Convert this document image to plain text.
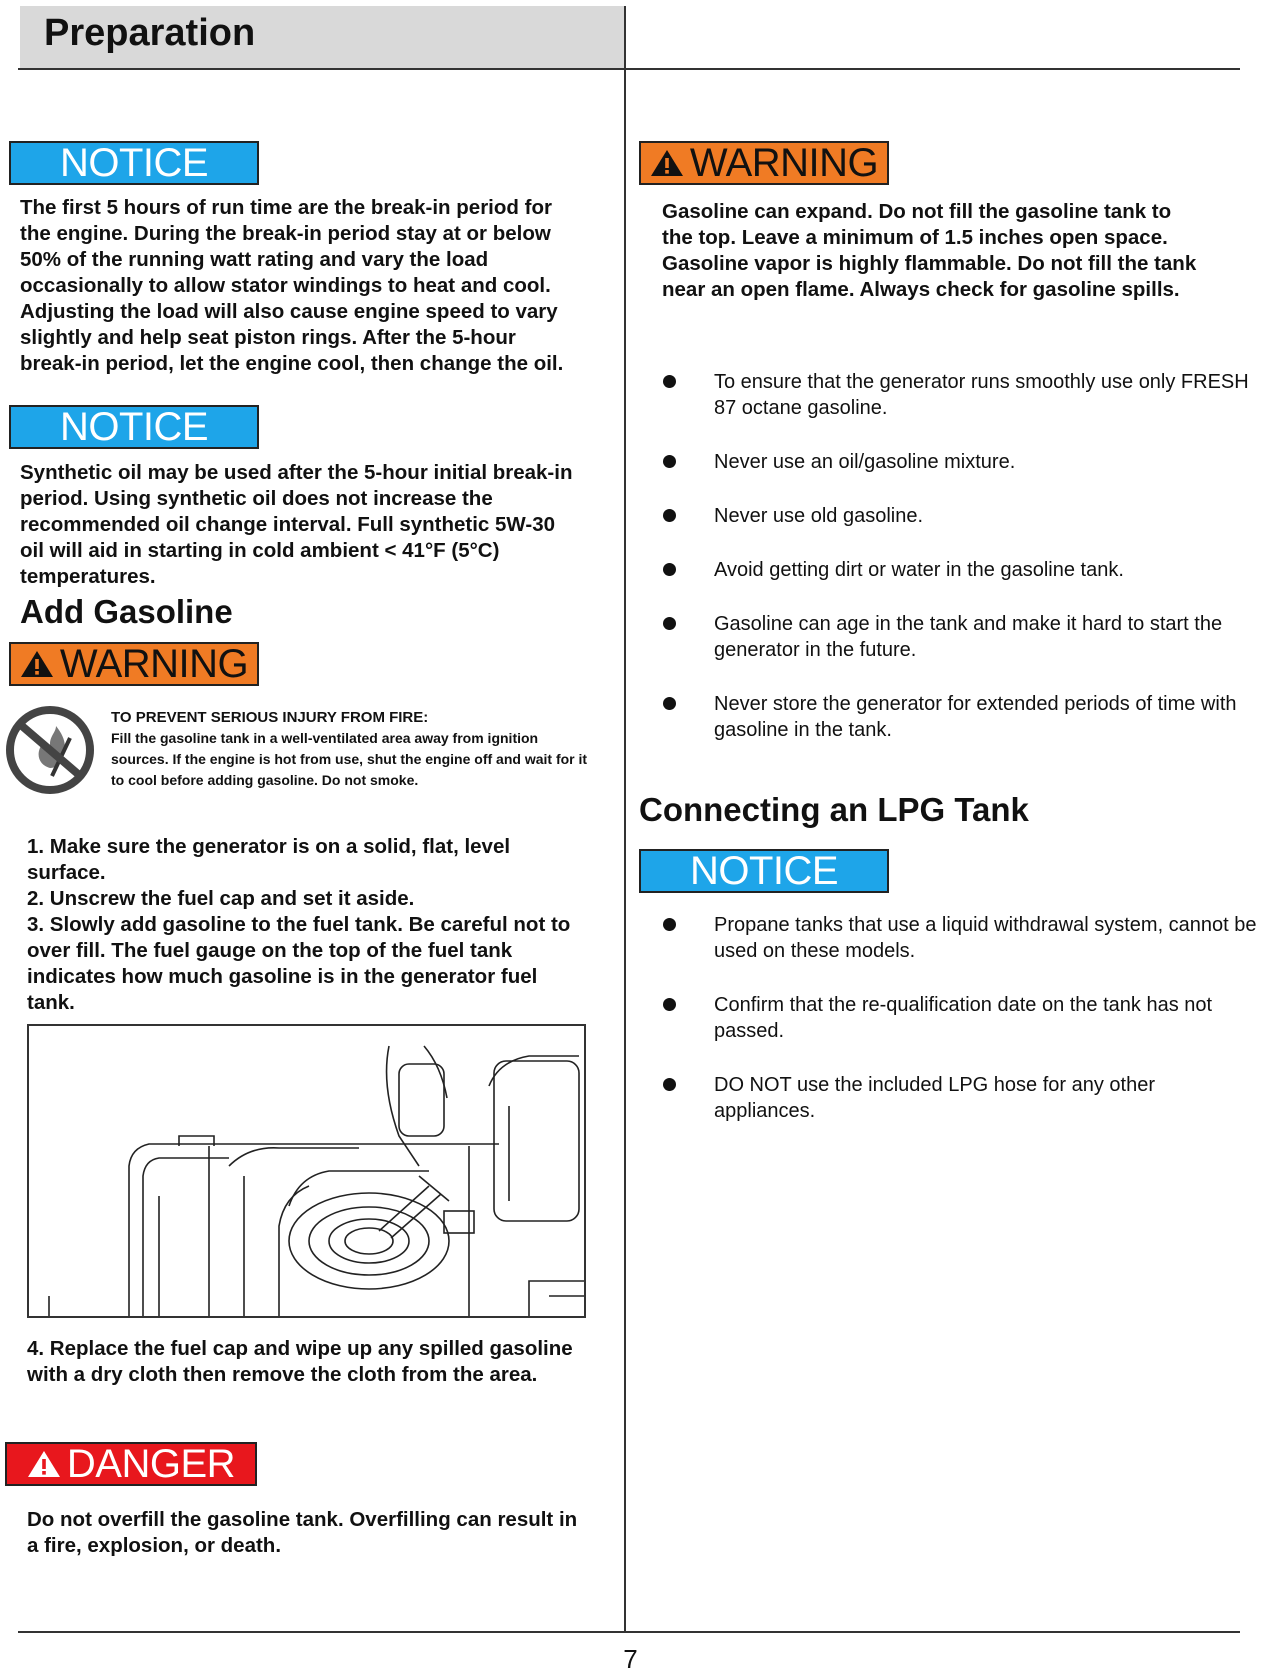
Preparation
NOTICE
The first 5 hours of run time are the break-in period for the engine. During the break-in period stay at or below 50% of the running watt rating and vary the load occasionally to allow stator windings to heat and cool. Adjusting the load will also cause engine speed to vary slightly and help seat piston rings. After the 5-hour break-in period, let the engine cool, then change the oil.
NOTICE
Synthetic oil may be used after the 5-hour initial break-in period. Using synthetic oil does not increase the recommended oil change interval. Full synthetic 5W-30 oil will aid in starting in cold ambient < 41°F (5°C) temperatures.
Add Gasoline
WARNING
TO PREVENT SERIOUS INJURY FROM FIRE:
Fill the gasoline tank in a well-ventilated area away from ignition sources. If the engine is hot from use, shut the engine off and wait for it to cool before adding gasoline. Do not smoke.
1. Make sure the generator is on a solid, flat, level surface.
2. Unscrew the fuel cap and set it aside.
3. Slowly add gasoline to the fuel tank. Be careful not to over fill. The fuel gauge on the top of the fuel tank indicates how much gasoline is in the generator fuel tank.
4. Replace the fuel cap and wipe up any spilled gasoline with a dry cloth then remove the cloth from the area.
DANGER
Do not overfill the gasoline tank. Overfilling can result in a fire, explosion, or death.
WARNING
Gasoline can expand. Do not fill the gasoline tank to the top. Leave a minimum of 1.5 inches open space. Gasoline vapor is highly flammable. Do not fill the tank near an open flame. Always check for gasoline spills.
To ensure that the generator runs smoothly use only FRESH 87 octane gasoline.
Never use an oil/gasoline mixture.
Never use old gasoline.
Avoid getting dirt or water in the gasoline tank.
Gasoline can age in the tank and make it hard to start the generator in the future.
Never store the generator for extended periods of time with gasoline in the tank.
Connecting an LPG Tank
NOTICE
Propane tanks that use a liquid withdrawal system, cannot be used on these models.
Confirm that the re-qualification date on the tank has not passed.
DO NOT use the included LPG hose for any other appliances.
7
